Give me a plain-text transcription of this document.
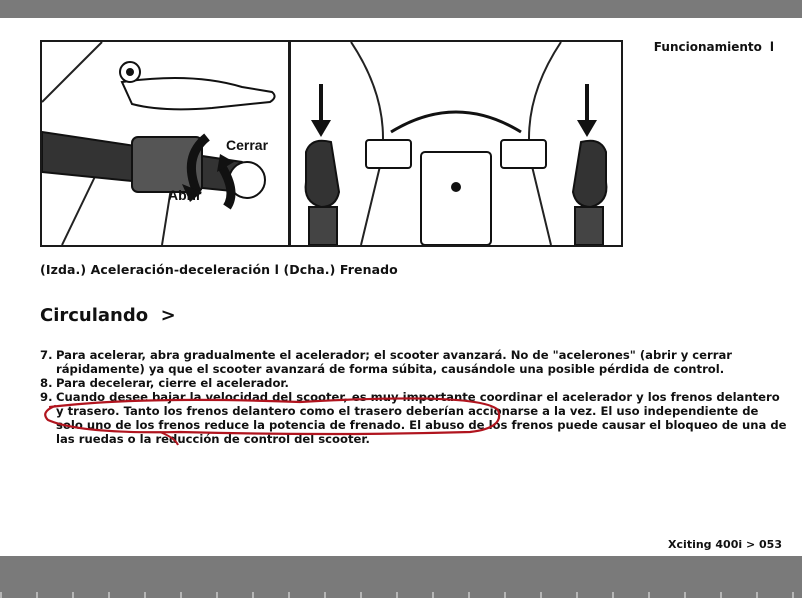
Funcionamiento l
Cerrar
Abrir
(Izda.) Aceleración-deceleración l (Dcha.) Frenado
Circulando >
7. Para acelerar, abra gradualmente el acelerador; el scooter avanzará. No de "acelerones" (abrir y cerrar rápidamente) ya que el scooter avanzará de forma súbita, causándole una posible pérdida de control.
8. Para decelerar, cierre el acelerador.
9. Cuando desee bajar la velocidad del scooter, es muy importante coordinar el acelerador y los frenos delantero y trasero. Tanto los frenos delantero como el trasero deberían accionarse a la vez. El uso independiente de solo uno de los frenos reduce la potencia de frenado. El abuso de los frenos puede causar el bloqueo de una de las ruedas o la reducción de control del scooter.
Xciting 400i > 053
